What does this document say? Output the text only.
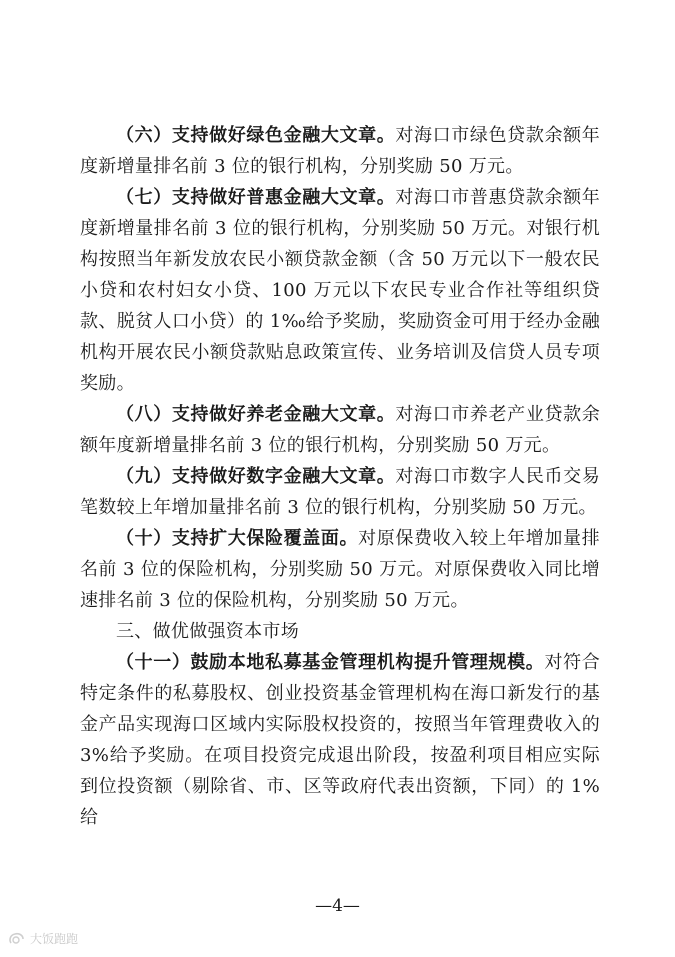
（六）支持做好绿色金融大文章。对海口市绿色贷款余额年度新增量排名前 3 位的银行机构，分别奖励 50 万元。

（七）支持做好普惠金融大文章。对海口市普惠贷款余额年度新增量排名前 3 位的银行机构，分别奖励 50 万元。对银行机构按照当年新发放农民小额贷款金额（含 50 万元以下一般农民小贷和农村妇女小贷、100 万元以下农民专业合作社等组织贷款、脱贫人口小贷）的 1‰给予奖励，奖励资金可用于经办金融机构开展农民小额贷款贴息政策宣传、业务培训及信贷人员专项奖励。

（八）支持做好养老金融大文章。对海口市养老产业贷款余额年度新增量排名前 3 位的银行机构，分别奖励 50 万元。

（九）支持做好数字金融大文章。对海口市数字人民币交易笔数较上年增加量排名前 3 位的银行机构，分别奖励 50 万元。

（十）支持扩大保险覆盖面。对原保费收入较上年增加量排名前 3 位的保险机构，分别奖励 50 万元。对原保费收入同比增速排名前 3 位的保险机构，分别奖励 50 万元。

三、做优做强资本市场

（十一）鼓励本地私募基金管理机构提升管理规模。对符合特定条件的私募股权、创业投资基金管理机构在海口新发行的基金产品实现海口区域内实际股权投资的，按照当年管理费收入的 3%给予奖励。在项目投资完成退出阶段，按盈利项目相应实际到位投资额（剔除省、市、区等政府代表出资额，下同）的 1%给

—4—
大饭跑跑
